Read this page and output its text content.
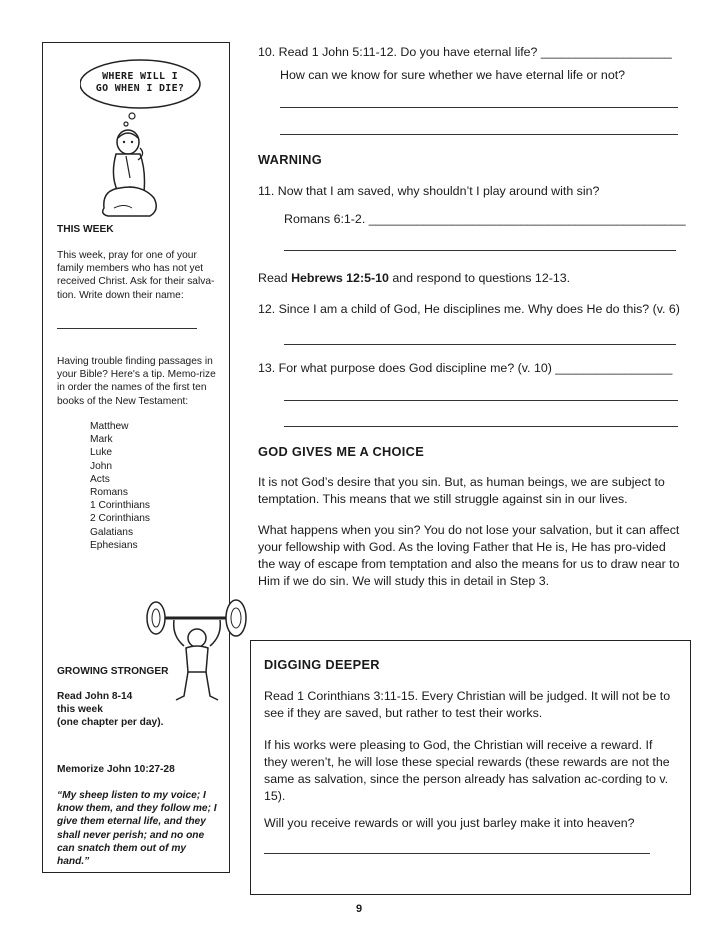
WHERE WILL I
GO WHEN I DIE?
THIS WEEK
This week, pray for one of your family members who has not yet received Christ. Ask for their salva-tion. Write down their name:
Having trouble finding passages in your Bible? Here's a tip. Memo-rize in order the names of the first ten books of the New Testament:
Matthew
Mark
Luke
John
Acts
Romans
1 Corinthians
2 Corinthians
Galatians
Ephesians
GROWING STRONGER
Read John 8-14
this week
(one chapter per day).
Memorize John 10:27-28
“My sheep listen to my voice; I know them, and they follow me; I give them eternal life, and they shall never perish; and no one can snatch them out of my hand.”
10. Read 1 John 5:11-12. Do you have eternal life? ___________________
How can we know for sure whether we have eternal life or not?
WARNING
11. Now that I am saved, why shouldn’t I play around with sin?
Romans 6:1-2. ______________________________________________
Read Hebrews 12:5-10 and respond to questions 12-13.
12. Since I am a child of God, He disciplines me. Why does He do this? (v. 6)
13. For what purpose does God discipline me? (v. 10) _________________
GOD GIVES ME A CHOICE
It is not God’s desire that you sin. But, as human beings, we are subject to temptation. This means that we still struggle against sin in our lives.
What happens when you sin? You do not lose your salvation, but it can affect your fellowship with God. As the loving Father that He is, He has pro-vided the way of escape from temptation and also the means for us to draw near to Him if we do sin. We will study this in detail in Step 3.
DIGGING DEEPER
Read 1 Corinthians 3:11-15. Every Christian will be judged. It will not be to see if they are saved, but rather to test their works.
If his works were pleasing to God, the Christian will receive a reward. If they weren’t, he will lose these special rewards (these rewards are not the same as salvation, since the person already has salvation ac-cording to v. 15).
Will you receive rewards or will you just barley make it into heaven?
9
